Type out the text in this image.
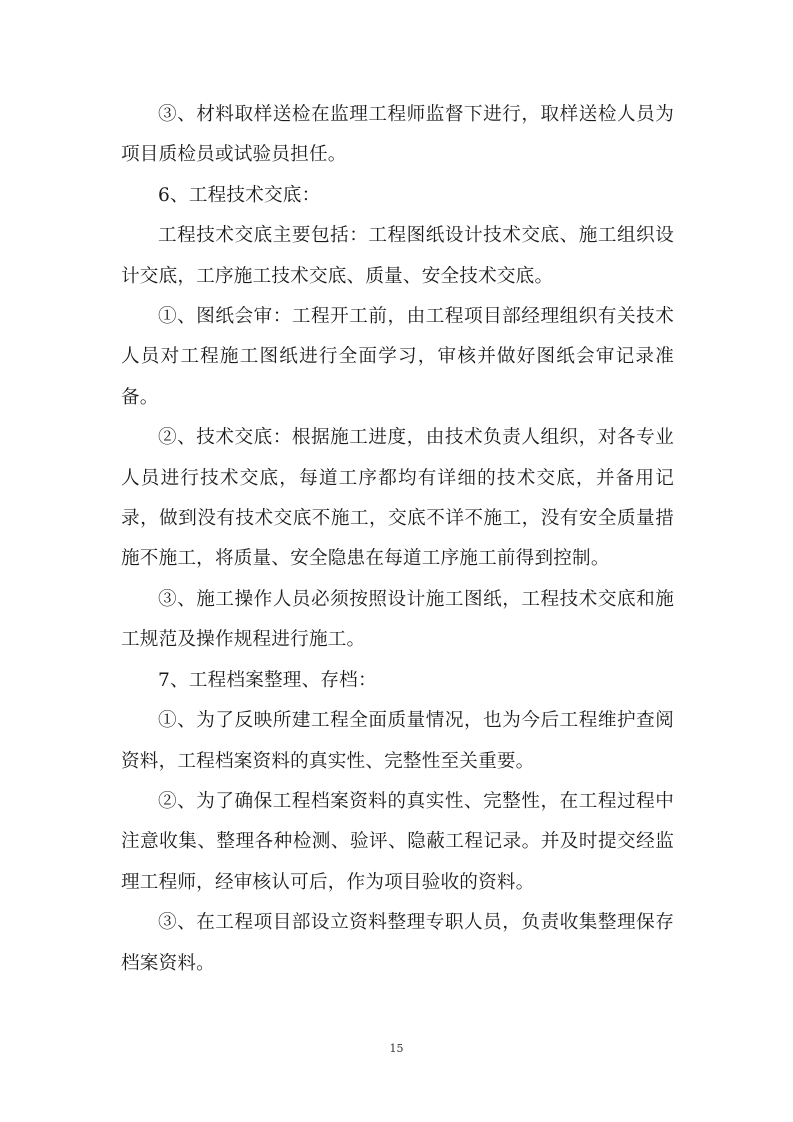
③、材料取样送检在监理工程师监督下进行，取样送检人员为项目质检员或试验员担任。

6、工程技术交底：

工程技术交底主要包括：工程图纸设计技术交底、施工组织设计交底，工序施工技术交底、质量、安全技术交底。

①、图纸会审：工程开工前，由工程项目部经理组织有关技术人员对工程施工图纸进行全面学习，审核并做好图纸会审记录准备。

②、技术交底：根据施工进度，由技术负责人组织，对各专业人员进行技术交底，每道工序都均有详细的技术交底，并备用记录，做到没有技术交底不施工，交底不详不施工，没有安全质量措施不施工，将质量、安全隐患在每道工序施工前得到控制。

③、施工操作人员必须按照设计施工图纸，工程技术交底和施工规范及操作规程进行施工。

7、工程档案整理、存档：

①、为了反映所建工程全面质量情况，也为今后工程维护查阅资料，工程档案资料的真实性、完整性至关重要。

②、为了确保工程档案资料的真实性、完整性，在工程过程中注意收集、整理各种检测、验评、隐蔽工程记录。并及时提交经监理工程师，经审核认可后，作为项目验收的资料。

③、在工程项目部设立资料整理专职人员，负责收集整理保存档案资料。

15
